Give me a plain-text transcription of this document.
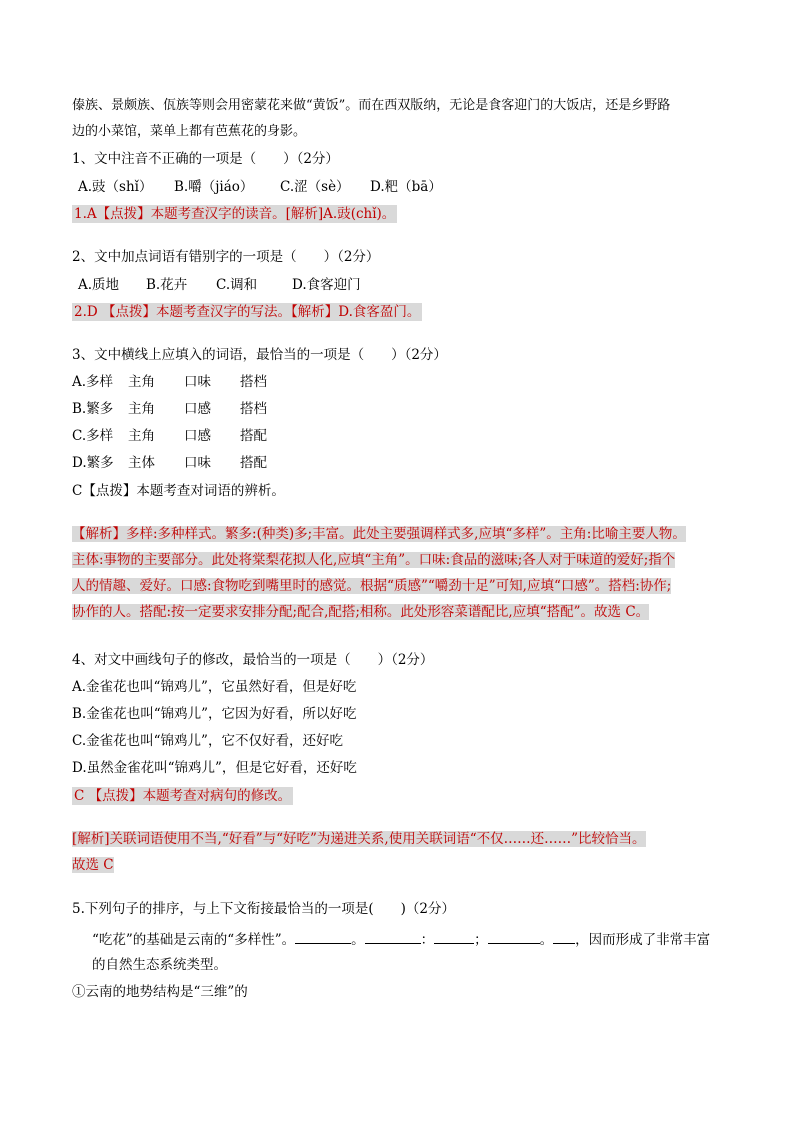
傣族、景颇族、佤族等则会用密蒙花来做“黄饭”。而在西双版纳，无论是食客迎门的大饭店，还是乡野路
边的小菜馆，菜单上都有芭蕉花的身影。
1、文中注音不正确的一项是（　　）（2分）
A.豉（shǐ） B.嚼（jiáo） C.涩（sè） D.粑（bā）
1.A【点拨】本题考查汉字的读音。[解析]A.豉(chǐ)。
2、文中加点词语有错别字的一项是（　　）（2分）
A.质地 B.花卉 C.调和	D.食客迎门
2.D 【点拨】本题考查汉字的写法。【解析】D.食客盈门。
3、文中横线上应填入的词语，最恰当的一项是（　　）（2分）
A.多样 主角 口味 搭档
B.繁多 主角 口感 搭档
C.多样 主角 口感 搭配
D.繁多 主体 口味 搭配
C【点拨】本题考查对词语的辨析。
【解析】多样:多种样式。繁多:(种类)多;丰富。此处主要强调样式多,应填“多样”。主角:比喻主要人物。
主体:事物的主要部分。此处将棠梨花拟人化,应填“主角”。口味:食品的滋味;各人对于味道的爱好;指个
人的情趣、爱好。口感:食物吃到嘴里时的感觉。根据“质感”“嚼劲十足”可知,应填“口感”。搭档:协作;
协作的人。搭配:按一定要求安排分配;配合,配搭;相称。此处形容菜谱配比,应填“搭配”。故选 C。
4、对文中画线句子的修改，最恰当的一项是（　　）（2分）
A.金雀花也叫“锦鸡儿”，它虽然好看，但是好吃
B.金雀花也叫“锦鸡儿”，它因为好看，所以好吃
C.金雀花也叫“锦鸡儿”，它不仅好看，还好吃
D.虽然金雀花叫“锦鸡儿”，但是它好看，还好吃
C 【点拨】本题考查对病句的修改。
[解析]关联词语使用不当,“好看”与“好吃”为递进关系,使用关联词语“不仅……还……”比较恰当。
故选 C
5.下列句子的排序，与上下文衔接最恰当的一项是(　　)（2分）
“吃花”的基础是云南的“多样性”。	。	：	；	。 ，因而形成了非常丰富
的自然生态系统类型。
①云南的地势结构是“三维”的
